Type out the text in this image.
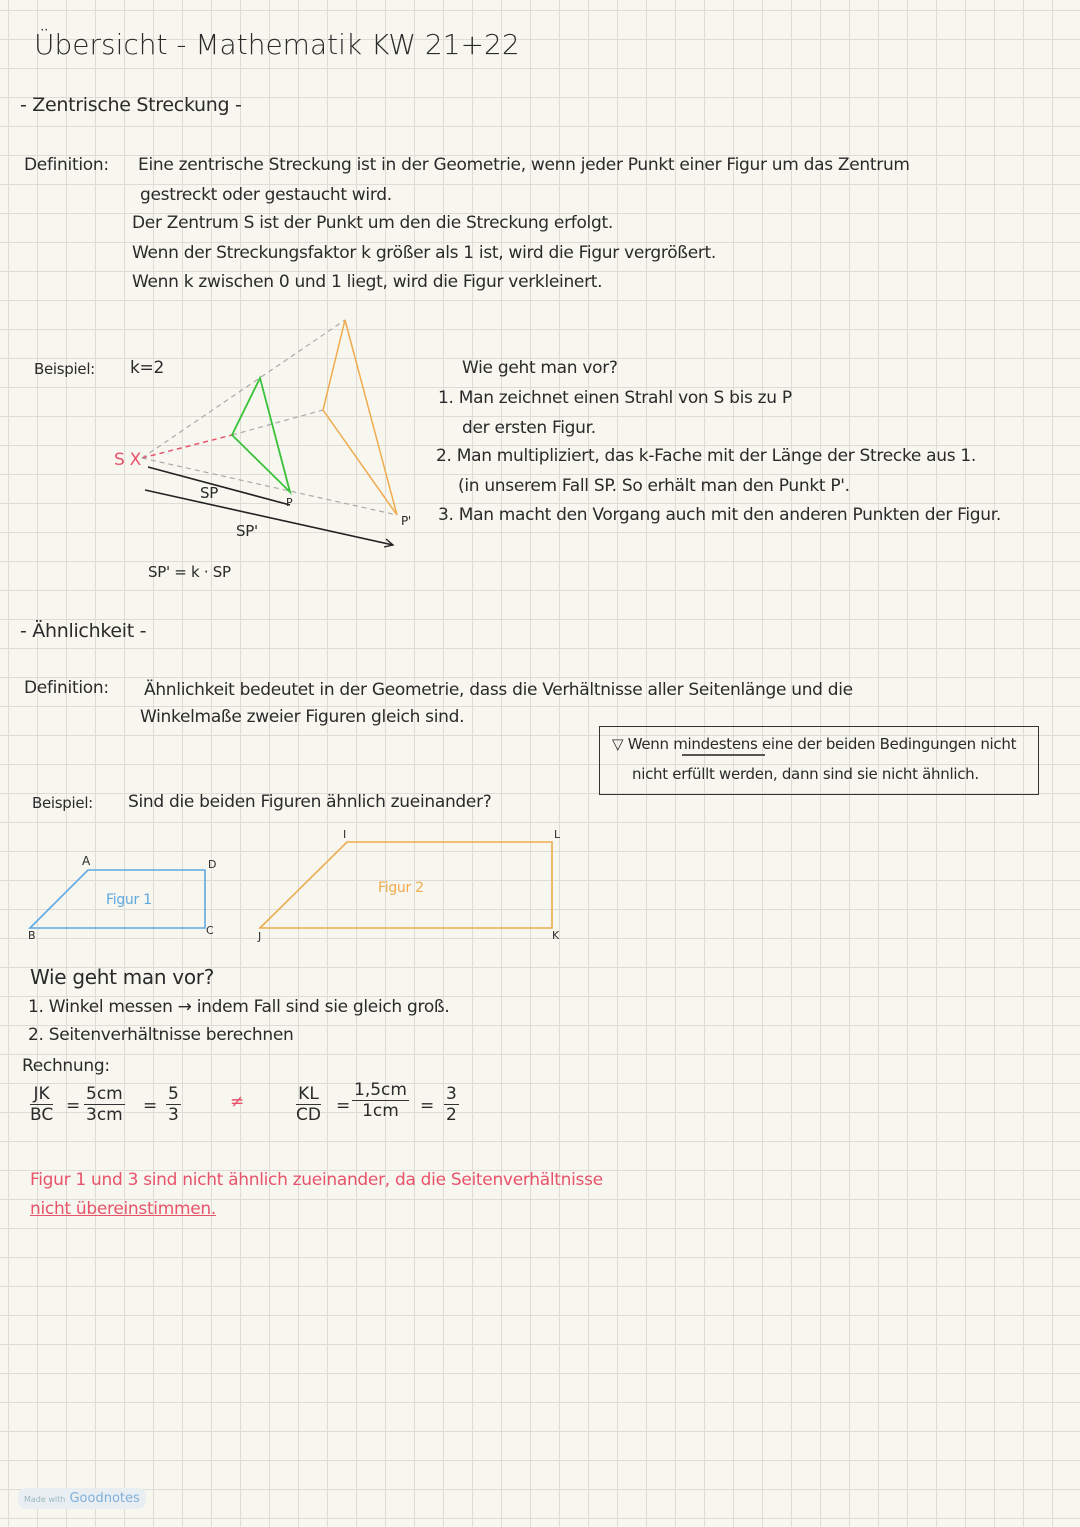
Übersicht - Mathematik KW 21+22
- Zentrische Streckung -
Definition: Eine zentrische Streckung ist in der Geometrie, wenn jeder Punkt einer Figur um das Zentrum
gestreckt oder gestaucht wird.
Der Zentrum S ist der Punkt um den die Streckung erfolgt.
Wenn der Streckungsfaktor k größer als 1 ist, wird die Figur vergrößert.
Wenn k zwischen 0 und 1 liegt, wird die Figur verkleinert.
Beispiel: k=2
S X
SP
SP'
P
P'
SP' = k · SP
Wie geht man vor?
1. Man zeichnet einen Strahl von S bis zu P
der ersten Figur.
2. Man multipliziert, das k-Fache mit der Länge der Strecke aus 1.
(in unserem Fall SP. So erhält man den Punkt P'.
3. Man macht den Vorgang auch mit den anderen Punkten der Figur.
- Ähnlichkeit -
Definition: Ähnlichkeit bedeutet in der Geometrie, dass die Verhältnisse aller Seitenlänge und die
Winkelmaße zweier Figuren gleich sind.
▽ Wenn mindestens eine der beiden Bedingungen nicht
nicht erfüllt werden, dann sind sie nicht ähnlich.
Beispiel: Sind die beiden Figuren ähnlich zueinander?
A	D
C
B
Figur 1
I	L
K
J
Figur 2
Wie geht man vor?
1. Winkel messen → indem Fall sind sie gleich groß.
2. Seitenverhältnisse berechnen
Rechnung:
$\frac{JK}{BC} = \frac{5cm}{3cm} = \frac{5}{3}$	≠	$\frac{KL}{CD} = \frac{1,5cm}{1cm} = \frac{3}{2}$
Figur 1 und 3 sind nicht ähnlich zueinander, da die Seitenverhältnisse
nicht übereinstimmen.
Made with Goodnotes
